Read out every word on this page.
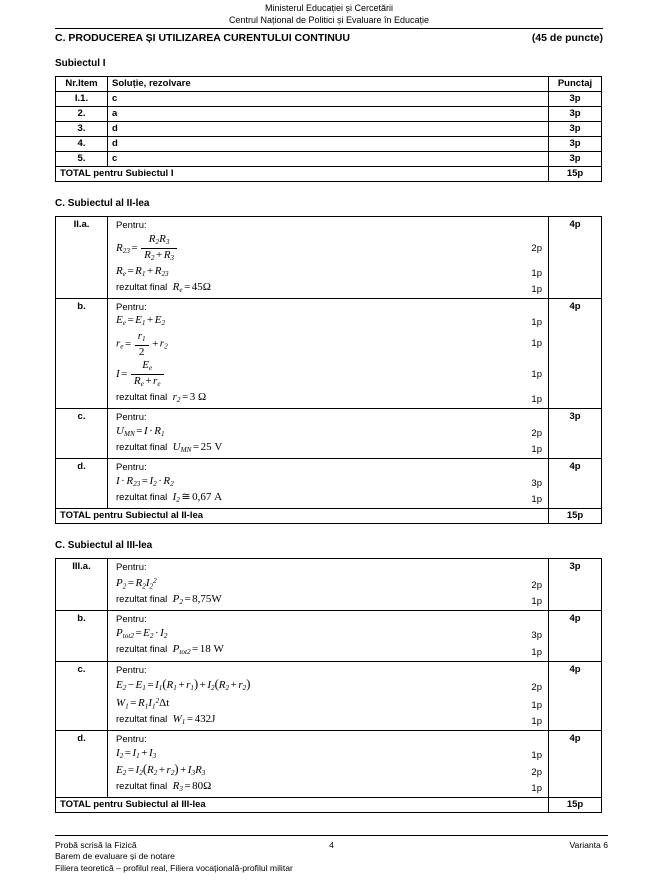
Ministerul Educației și Cercetării
Centrul Național de Politici și Evaluare în Educație
C. PRODUCEREA ȘI UTILIZAREA CURENTULUI CONTINUU	(45 de puncte)
Subiectul I
Nr.Item	Soluție, rezolvare	Punctaj
I.1.	c	3p
2.	a	3p
3.	d	3p
4.	d	3p
5.	c	3p
TOTAL pentru Subiectul I		15p
C. Subiectul al II-lea
II.a.	Pentru:
$R_{23} = \frac{R_2R_3}{R_2 + R_3}$	2p
$R_e = R_1 + R_{23}$	1p
rezultat final $R_e = 45\Omega$	1p
	4p
b.	Pentru:
$E_e = E_1 + E_2$	1p
$r_e = \frac{r_1}{2} + r_2$	1p
$I = \frac{E_e}{R_e + r_e}$	1p
rezultat final $r_2 = 3$ Ω	1p
	4p
c.	Pentru:
$U_{MN} = I \cdot R_1$ 2p
rezultat final $U_{MN} = 25$ V 1p	3p
d.	Pentru:
$I \cdot R_{23} = I_2 \cdot R_2$ 3p
rezultat final $I_2$ ≅ 0,67 A 1p	4p
TOTAL pentru Subiectul al II-lea		15p
C. Subiectul al III-lea
III.a.	Pentru:
$P_2 = R_2I_2^2$ 2p
rezultat final $P_2 = 8,75W$ 1p	3p
b.	Pentru:
$P_{tot2} = E_2 \cdot I_2$ 3p
rezultat final $P_{tot2} = 18$ W 1p	4p
c.	Pentru:
$E_2 - E_1 = I_1(R_1 + r_1) + I_2(R_2 + r_2)$	2p
$W_1 = R_1I_1^2\Delta t$	1p
rezultat final $W_1 = 432J$	1p
	4p
d.	Pentru:
$I_2 = I_1 + I_3$	1p
$E_2 = I_2(R_2 + r_2) + I_3R_3$	2p
rezultat final $R_3 = 80\Omega$	1p
	4p
TOTAL pentru Subiectul al III-lea		15p
Probă scrisă la Fizică	4	Varianta 6
Barem de evaluare și de notare
Filiera teoretică – profilul real, Filiera vocațională-profilul militar
